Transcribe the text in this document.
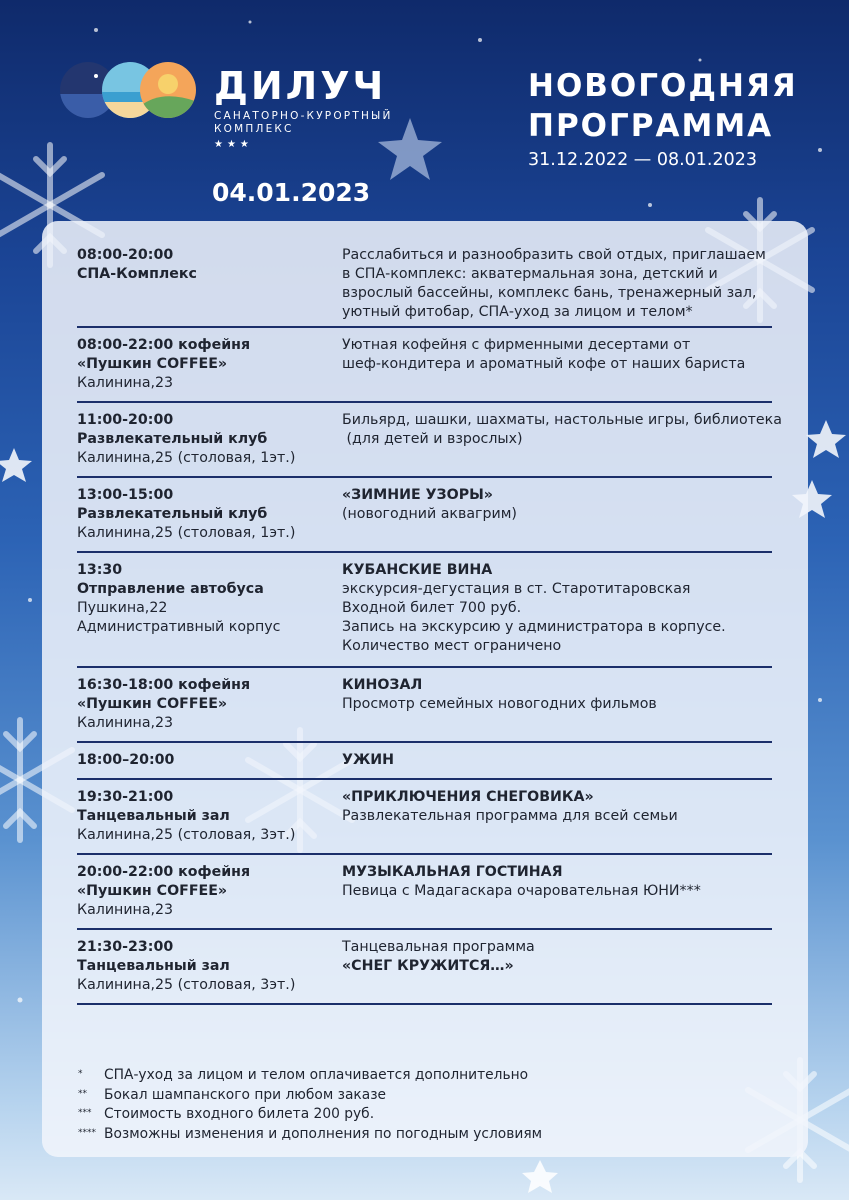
ДИЛУЧ
САНАТОРНО-КУРОРТНЫЙ
КОМПЛЕКС
★★★
НОВОГОДНЯЯ
ПРОГРАММА
31.12.2022 — 08.01.2023
04.01.2023
08:00-20:00
СПА-Комплекс
Расслабиться и разнообразить свой отдых, приглашаем
в СПА-комплекс: акватермальная зона, детский и
взрослый бассейны, комплекс бань, тренажерный зал,
уютный фитобар, СПА-уход за лицом и телом*
08:00-22:00 кофейня
«Пушкин COFFEE»
Калинина,23
Уютная кофейня с фирменными десертами от
шеф-кондитера и ароматный кофе от наших бариста
11:00-20:00
Развлекательный клуб
Калинина,25 (столовая, 1эт.)
Бильярд, шашки, шахматы, настольные игры, библиотека
(для детей и взрослых)
13:00-15:00
Развлекательный клуб
Калинина,25 (столовая, 1эт.)
«ЗИМНИЕ УЗОРЫ»
(новогодний аквагрим)
13:30
Отправление автобуса
Пушкина,22
Административный корпус
КУБАНСКИЕ ВИНА
экскурсия-дегустация в ст. Старотитаровская
Входной билет 700 руб.
Запись на экскурсию у администратора в корпусе.
Количество мест ограничено
16:30-18:00 кофейня
«Пушкин COFFEE»
Калинина,23
КИНОЗАЛ
Просмотр семейных новогодних фильмов
18:00–20:00	УЖИН
19:30-21:00
Танцевальный зал
Калинина,25 (столовая, 3эт.)
«ПРИКЛЮЧЕНИЯ СНЕГОВИКА»
Развлекательная программа для всей семьи
20:00-22:00 кофейня
«Пушкин COFFEE»
Калинина,23
МУЗЫКАЛЬНАЯ ГОСТИНАЯ
Певица с Мадагаскара очаровательная ЮНИ***
21:30-23:00
Танцевальный зал
Калинина,25 (столовая, 3эт.)
Танцевальная программа
«СНЕГ КРУЖИТСЯ…»
* СПА-уход за лицом и телом оплачивается дополнительно
** Бокал шампанского при любом заказе
*** Стоимость входного билета 200 руб.
**** Возможны изменения и дополнения по погодным условиям
